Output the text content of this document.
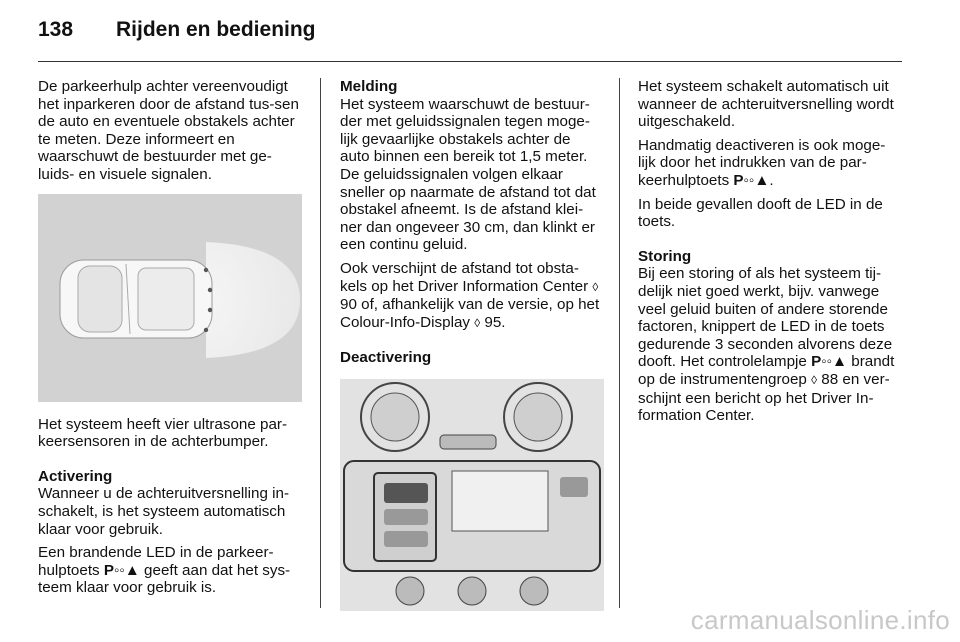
138	Rijden en bediening

De parkeerhulp achter vereenvoudigt het inparkeren door de afstand tus-sen de auto en eventuele obstakels achter te meten. Deze informeert en waarschuwt de bestuurder met ge-luids- en visuele signalen.

Het systeem heeft vier ultrasone par-keersensoren in de achterbumper.

Activering

Wanneer u de achteruitversnelling in-schakelt, is het systeem automatisch klaar voor gebruik.

Een brandende LED in de parkeer-hulptoets P◦◦▲ geeft aan dat het sys-teem klaar voor gebruik is.

Melding

Het systeem waarschuwt de bestuur-der met geluidssignalen tegen moge-lijk gevaarlijke obstakels achter de auto binnen een bereik tot 1,5 meter. De geluidssignalen volgen elkaar sneller op naarmate de afstand tot dat obstakel afneemt. Is de afstand klei-ner dan ongeveer 30 cm, dan klinkt er een continu geluid.

Ook verschijnt de afstand tot obsta-kels op het Driver Information Center ◊ 90 of, afhankelijk van de versie, op het Colour-Info-Display ◊ 95.

Deactivering

Het systeem schakelt automatisch uit wanneer de achteruitversnelling wordt uitgeschakeld.

Handmatig deactiveren is ook moge-lijk door het indrukken van de par-keerhulptoets P◦◦▲.

In beide gevallen dooft de LED in de toets.

Storing

Bij een storing of als het systeem tij-delijk niet goed werkt, bijv. vanwege veel geluid buiten of andere storende factoren, knippert de LED in de toets gedurende 3 seconden alvorens deze dooft. Het controlelampje P◦◦▲ brandt op de instrumentengroep ◊ 88 en ver-schijnt een bericht op het Driver In-formation Center.

carmanualsonline.info
